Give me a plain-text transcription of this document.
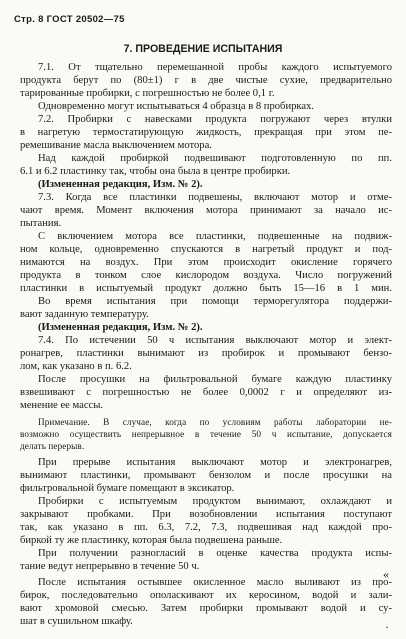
Стр. 8 ГОСТ 20502—75
7. ПРОВЕДЕНИЕ ИСПЫТАНИЯ
7.1. От тщательно перемешанной пробы каждого испытуемого
продукта берут по (80±1) г в две чистые сухие, предварительно
тарированные пробирки, с погрешностью не более 0,1 г.
Одновременно могут испытываться 4 образца в 8 пробирках.
7.2. Пробирки с навесками продукта погружают через втулки
в нагретую термостатирующую жидкость, прекращая при этом пе-
ремешивание масла выключением мотора.
Над каждой пробиркой подвешивают подготовленную по пп.
6.1 и 6.2 пластинку так, чтобы она была в центре пробирки.
(Измененная редакция, Изм. № 2).
7.3. Когда все пластинки подвешены, включают мотор и отме-
чают время. Момент включения мотора принимают за начало ис-
пытания.
С включением мотора все пластинки, подвешенные на подвиж-
ном кольце, одновременно спускаются в нагретый продукт и под-
нимаются на воздух. При этом происходит окисление горячего
продукта в тонком слое кислородом воздуха. Число погружений
пластинки в испытуемый продукт должно быть 15—16 в 1 мин.
Во время испытания при помощи терморегулятора поддержи-
вают заданную температуру.
(Измененная редакция, Изм. № 2).
7.4. По истечении 50 ч испытания выключают мотор и элект-
ронагрев, пластинки вынимают из пробирок и промывают бензо-
лом, как указано в п. 6.2.
После просушки на фильтровальной бумаге каждую пластинку
взвешивают с погрешностью не более 0,0002 г и определяют из-
менение ее массы.
Примечание. В случае, когда по условиям работы лаборатории не-
возможно осуществить непрерывное в течение 50 ч испытание, допускается
делать перерыв.
При прерыве испытания выключают мотор и электронагрев,
вынимают пластинки, промывают бензолом и после просушки на
фильтровальной бумаге помещают в эксикатор.
Пробирки с испытуемым продуктом вынимают, охлаждают и
закрывают пробками. При возобновлении испытания поступают
так, как указано в пп. 6.3, 7.2, 7.3, подвешивая над каждой про-
биркой ту же пластинку, которая была подвешена раньше.
При получении разногласий в оценке качества продукта испы-
тание ведут непрерывно в течение 50 ч.
После испытания остывшее окисленное масло выливают из про-
бирок, последовательно ополаскивают их керосином, водой и зали-
вают хромовой смесью. Затем пробирки промывают водой и су-
шат в сушильном шкафу.
«
·
